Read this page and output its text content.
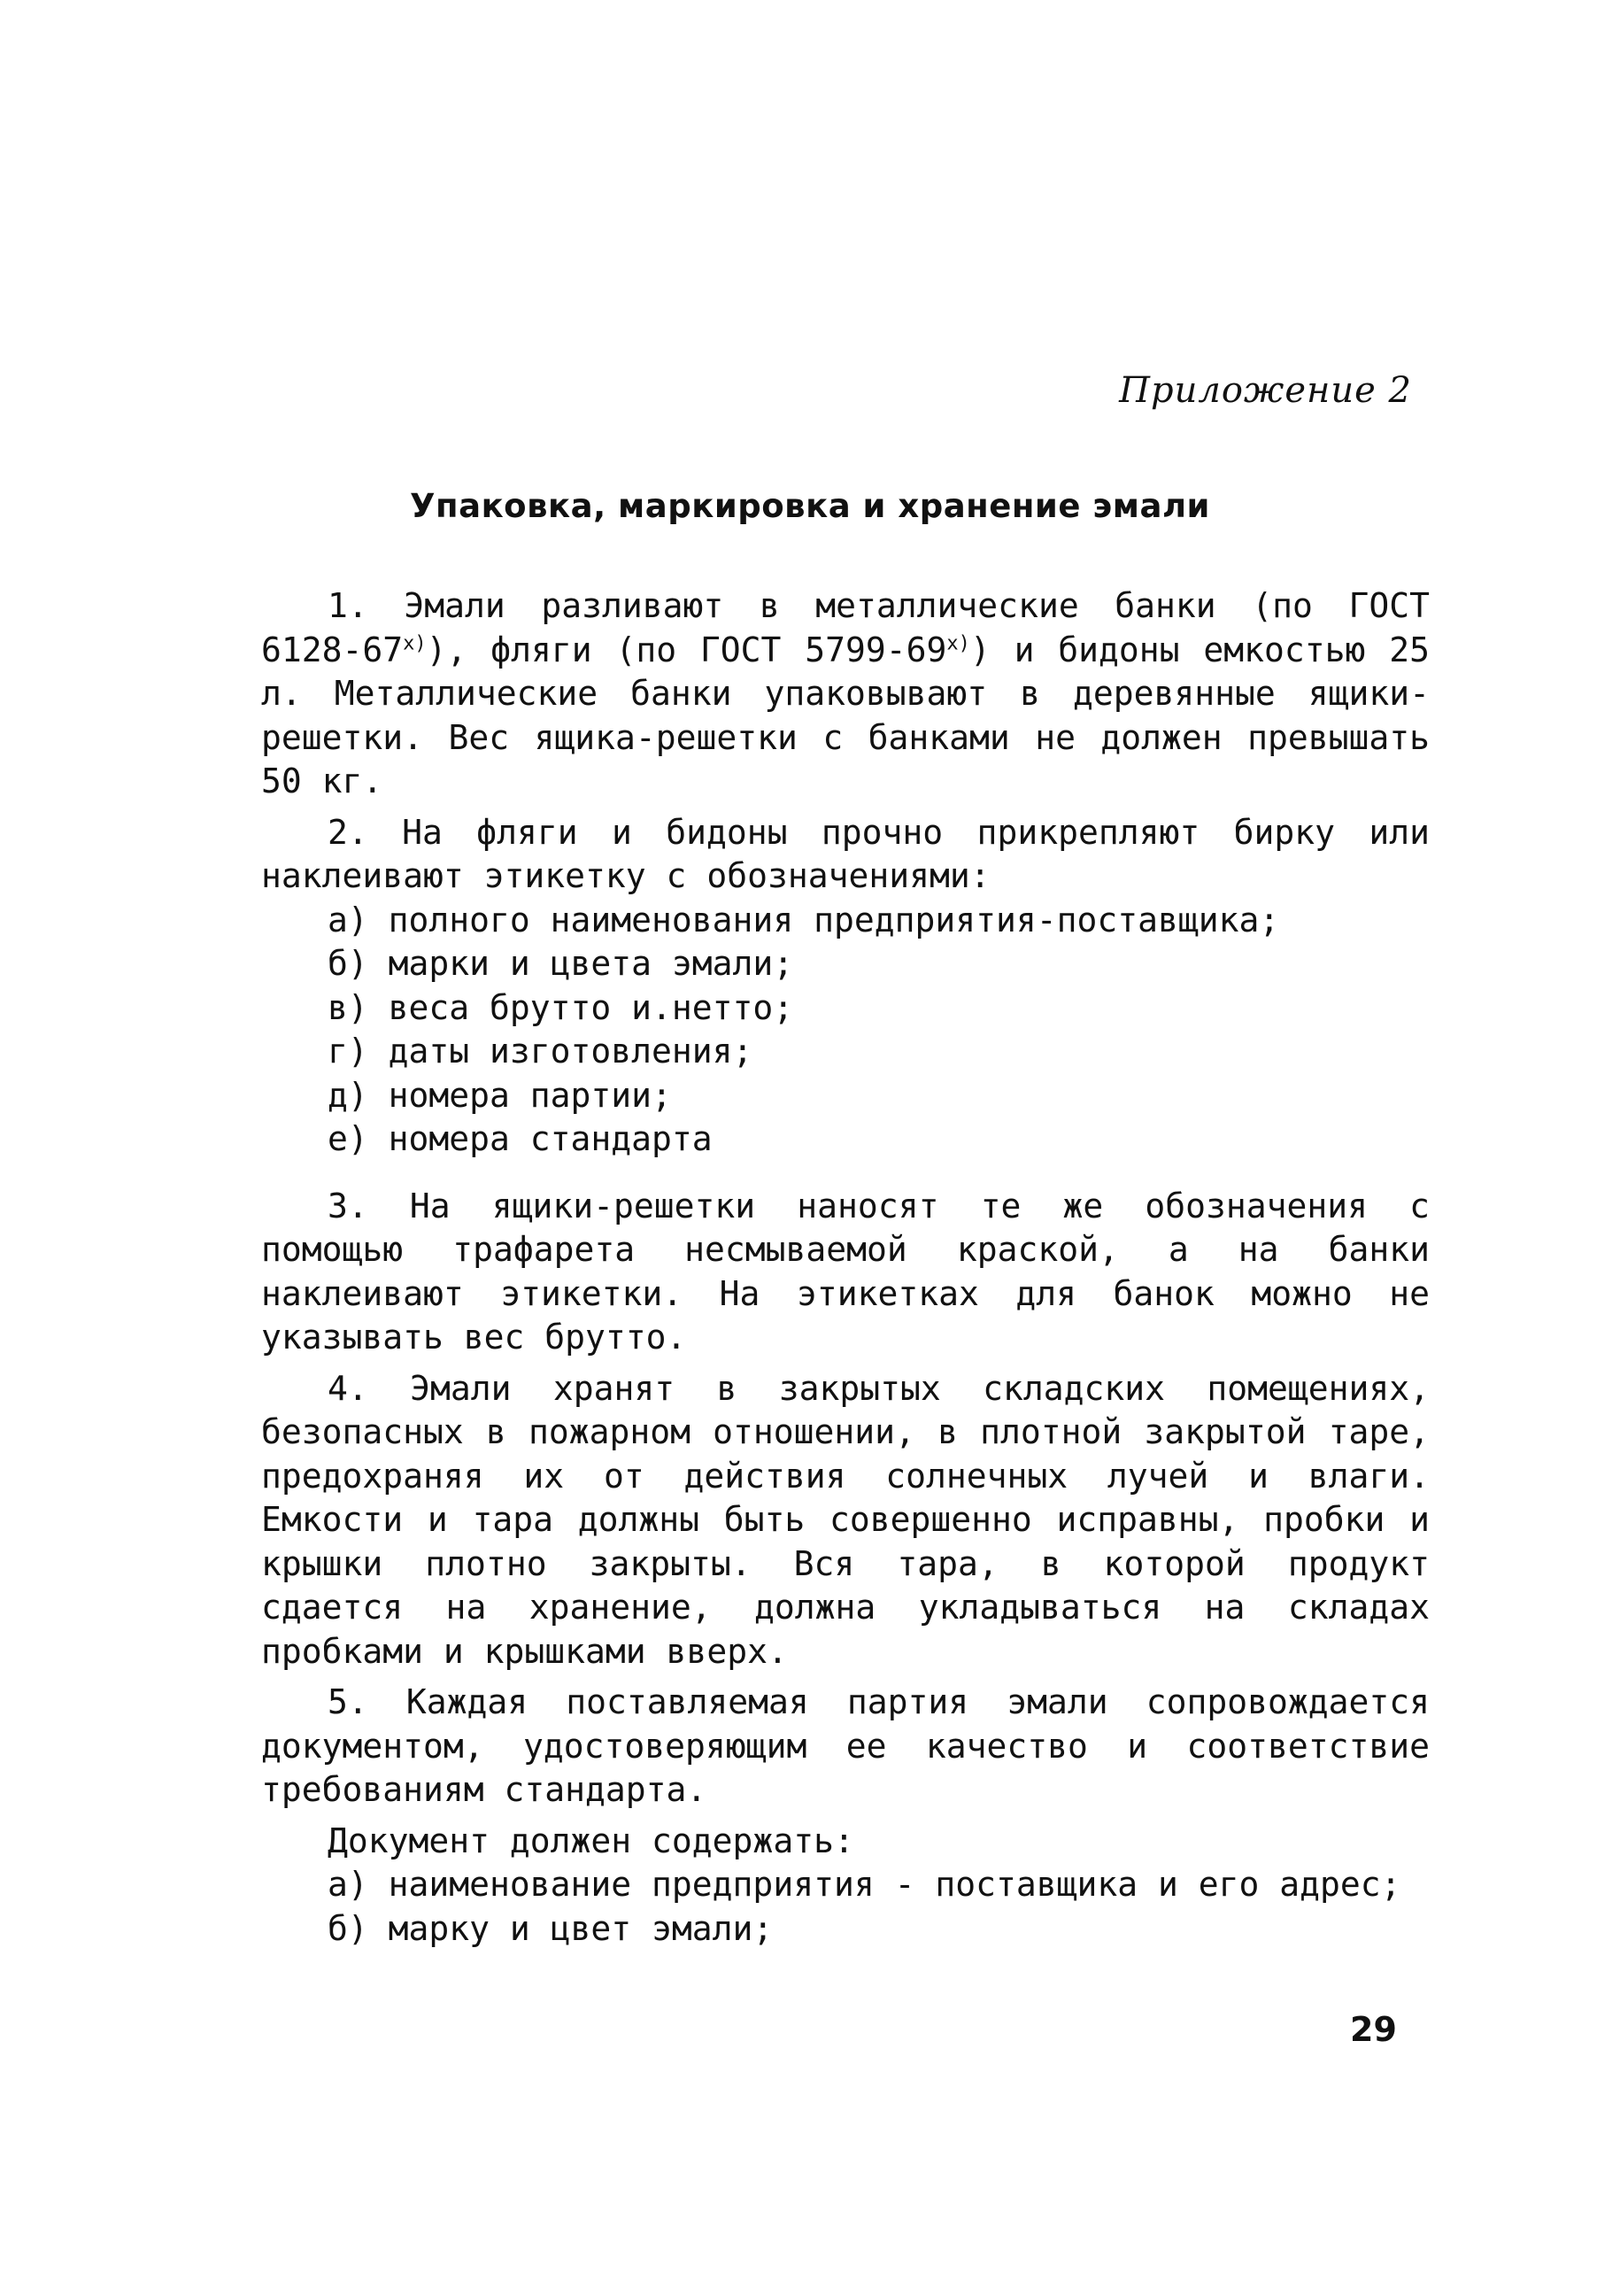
Приложение 2
Упаковка, маркировка и хранение эмали

1. Эмали разливают в металлические банки (по ГОСТ 6128-67$^{x)}$), фляги (по ГОСТ 5799-69$^{x)}$) и бидоны емкостью 25 л. Металлические банки упаковывают в деревянные ящики-решетки. Вес ящика-решетки с банками не должен превышать 50 кг.

2. На фляги и бидоны прочно прикрепляют бирку или наклеивают этикетку с обозначениями:

а) полного наименования предприятия-поставщика;

б) марки и цвета эмали;

в) веса брутто и.нетто;

г) даты изготовления;

д) номера партии;

е) номера стандарта

3. На ящики-решетки наносят те же обозначения с помощью трафарета несмываемой краской, а на банки наклеивают этикетки. На этикетках для банок можно не указывать вес брутто.

4. Эмали хранят в закрытых складских помещениях, безопасных в пожарном отношении, в плотной закрытой таре, предохраняя их от действия солнечных лучей и влаги. Емкости и тара должны быть совершенно исправны, пробки и крышки плотно закрыты. Вся тара, в которой продукт сдается на хранение, должна укладываться на складах пробками и крышками вверх.

5. Каждая поставляемая партия эмали сопровождается документом, удостоверяющим ее качество и соответствие требованиям стандарта.

Документ должен содержать:

а) наименование предприятия - поставщика и его адрес;

б) марку и цвет эмали;

29
